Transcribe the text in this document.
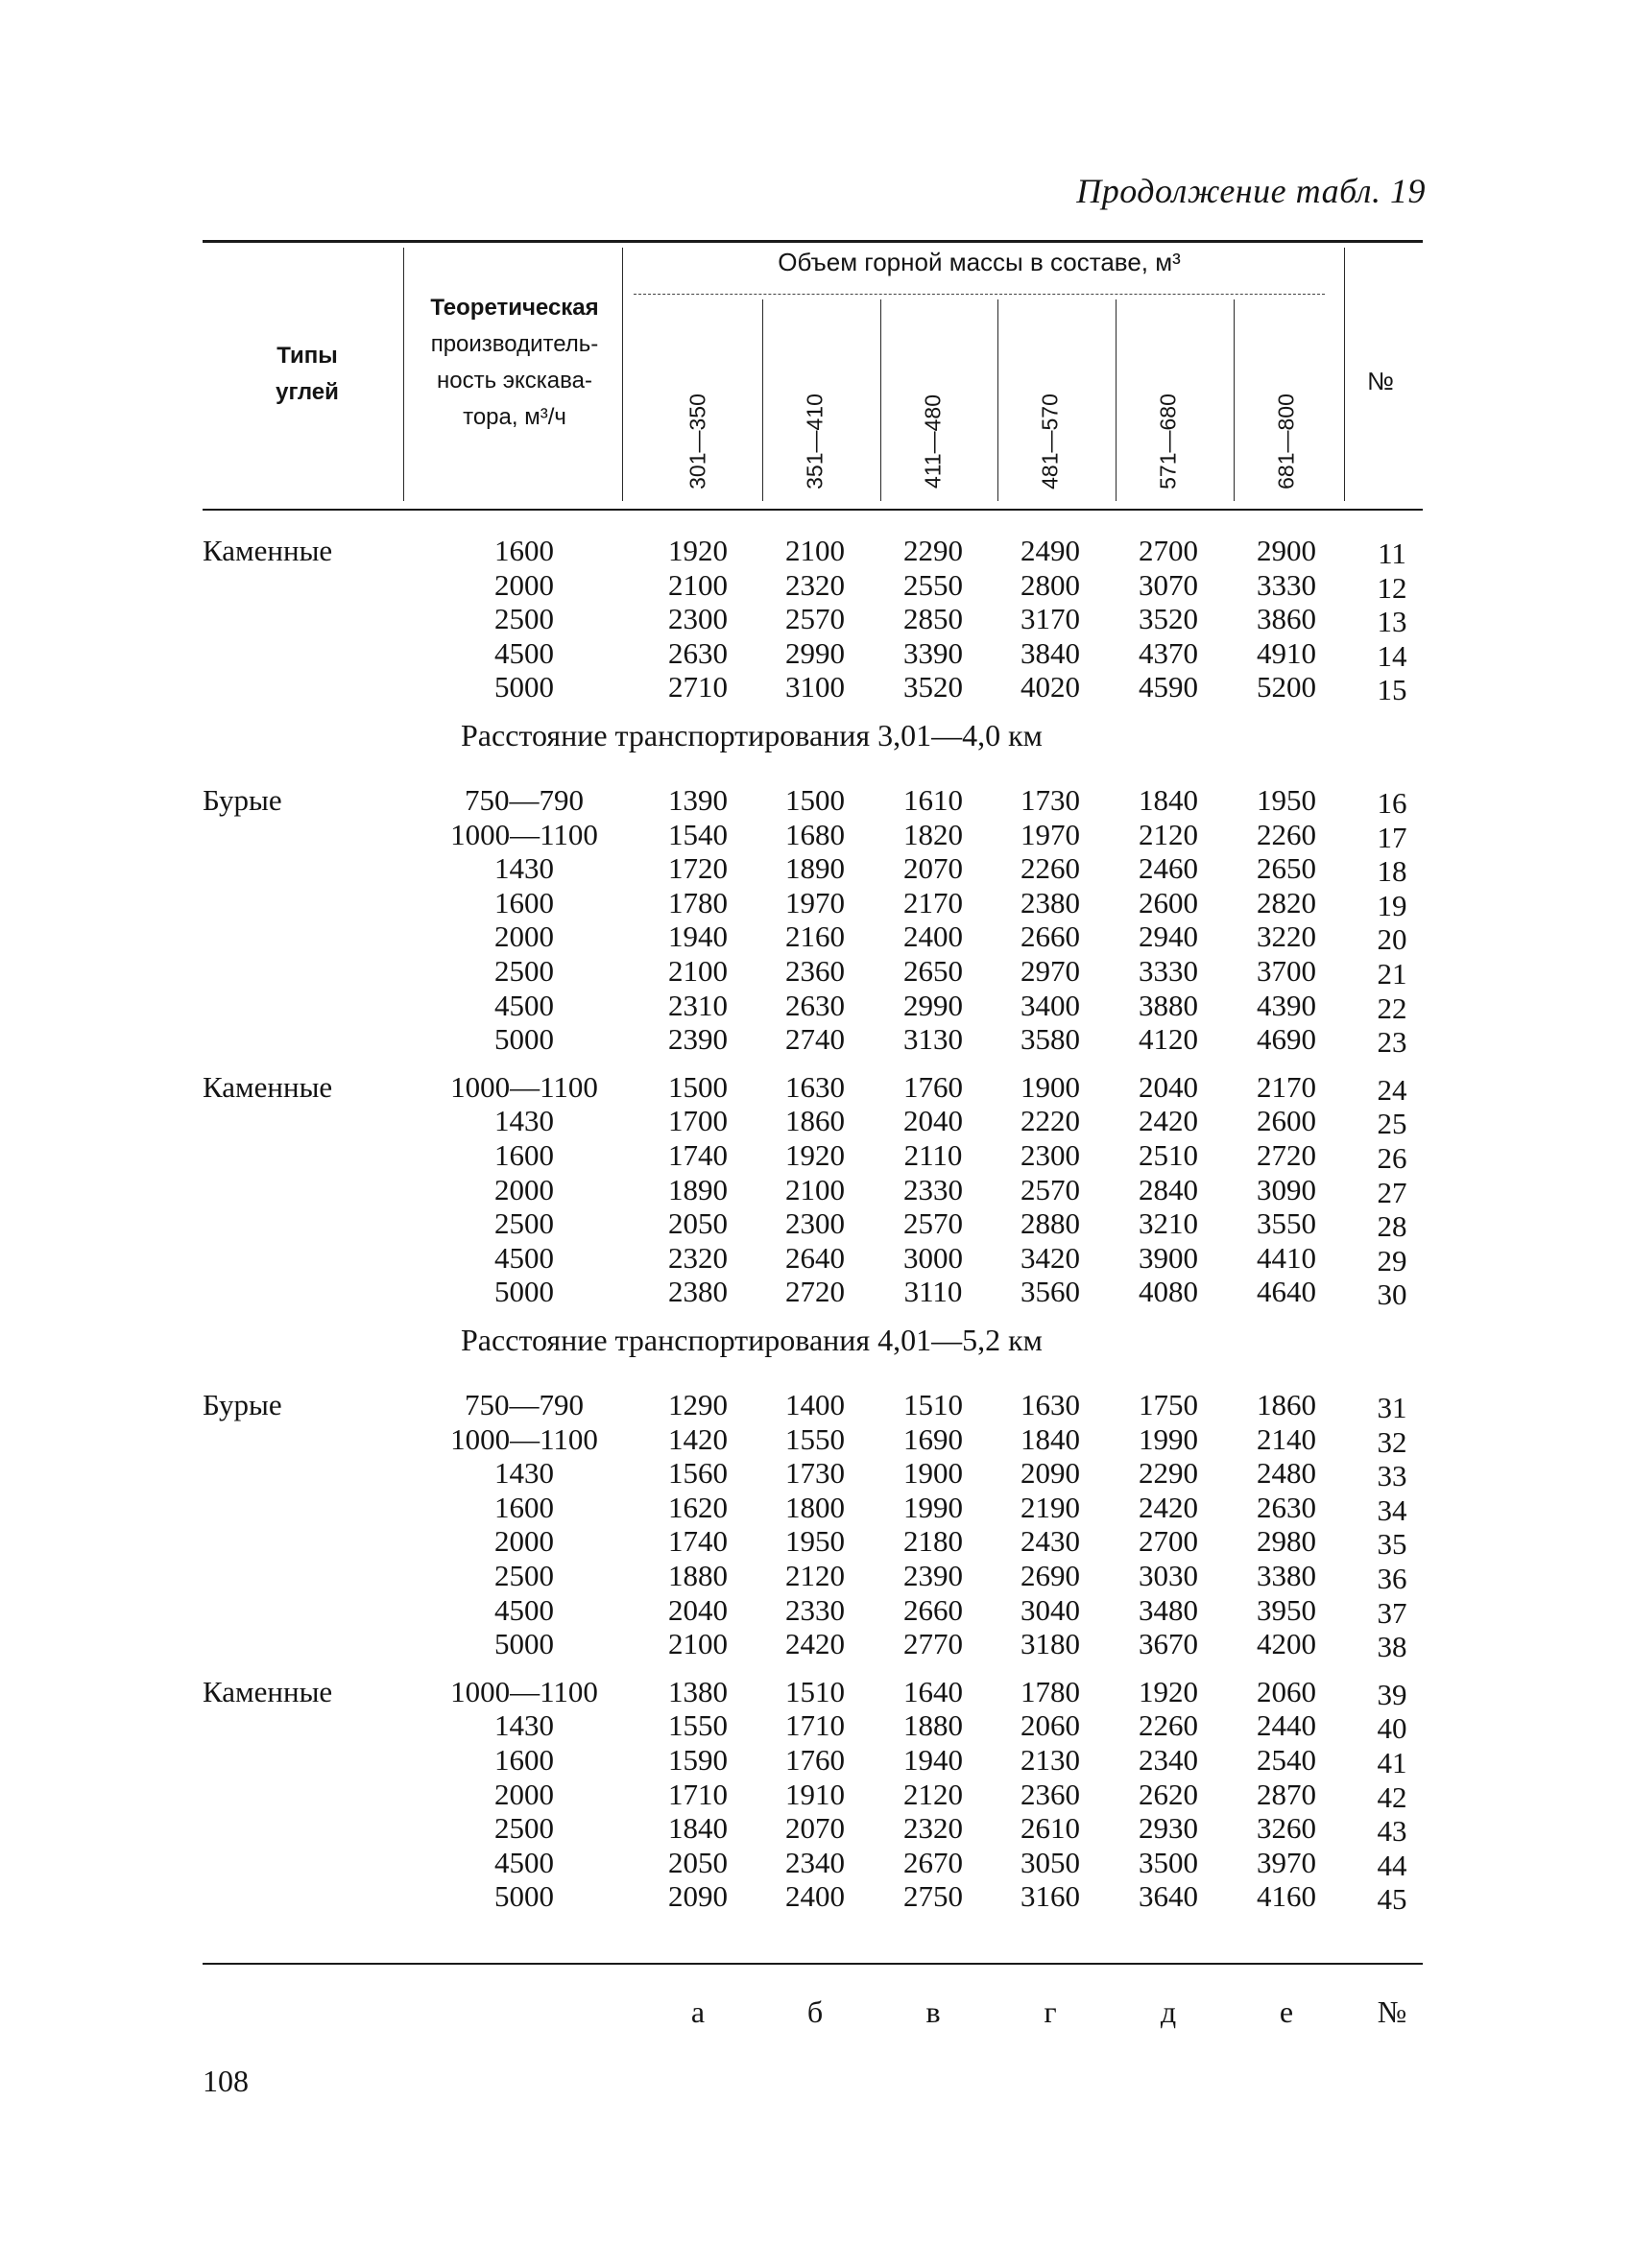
Продолжение табл. 19
Типы
углей
Теоретическая
производитель-
ность экскава-
тора, м³/ч
Объем горной массы в составе, м³
№
301—350	351—410	411—480	481—570	571—680	681—800
Каменные	1600	1920	2100	2290	2490	2700	2900	11
2000	2100	2320	2550	2800	3070	3330	12
2500	2300	2570	2850	3170	3520	3860	13
4500	2630	2990	3390	3840	4370	4910	14
5000	2710	3100	3520	4020	4590	5200	15
Расстояние транспортирования 3,01—4,0 км
Бурые	750—790	1390	1500	1610	1730	1840	1950	16
1000—1100	1540	1680	1820	1970	2120	2260	17
1430	1720	1890	2070	2260	2460	2650	18
1600	1780	1970	2170	2380	2600	2820	19
2000	1940	2160	2400	2660	2940	3220	20
2500	2100	2360	2650	2970	3330	3700	21
4500	2310	2630	2990	3400	3880	4390	22
5000	2390	2740	3130	3580	4120	4690	23
Каменные	1000—1100	1500	1630	1760	1900	2040	2170	24
1430	1700	1860	2040	2220	2420	2600	25
1600	1740	1920	2110	2300	2510	2720	26
2000	1890	2100	2330	2570	2840	3090	27
2500	2050	2300	2570	2880	3210	3550	28
4500	2320	2640	3000	3420	3900	4410	29
5000	2380	2720	3110	3560	4080	4640	30
Расстояние транспортирования 4,01—5,2 км
Бурые	750—790	1290	1400	1510	1630	1750	1860	31
1000—1100	1420	1550	1690	1840	1990	2140	32
1430	1560	1730	1900	2090	2290	2480	33
1600	1620	1800	1990	2190	2420	2630	34
2000	1740	1950	2180	2430	2700	2980	35
2500	1880	2120	2390	2690	3030	3380	36
4500	2040	2330	2660	3040	3480	3950	37
5000	2100	2420	2770	3180	3670	4200	38
Каменные	1000—1100	1380	1510	1640	1780	1920	2060	39
1430	1550	1710	1880	2060	2260	2440	40
1600	1590	1760	1940	2130	2340	2540	41
2000	1710	1910	2120	2360	2620	2870	42
2500	1840	2070	2320	2610	2930	3260	43
4500	2050	2340	2670	3050	3500	3970	44
5000	2090	2400	2750	3160	3640	4160	45
а	б	в	г	д	е	№
108
